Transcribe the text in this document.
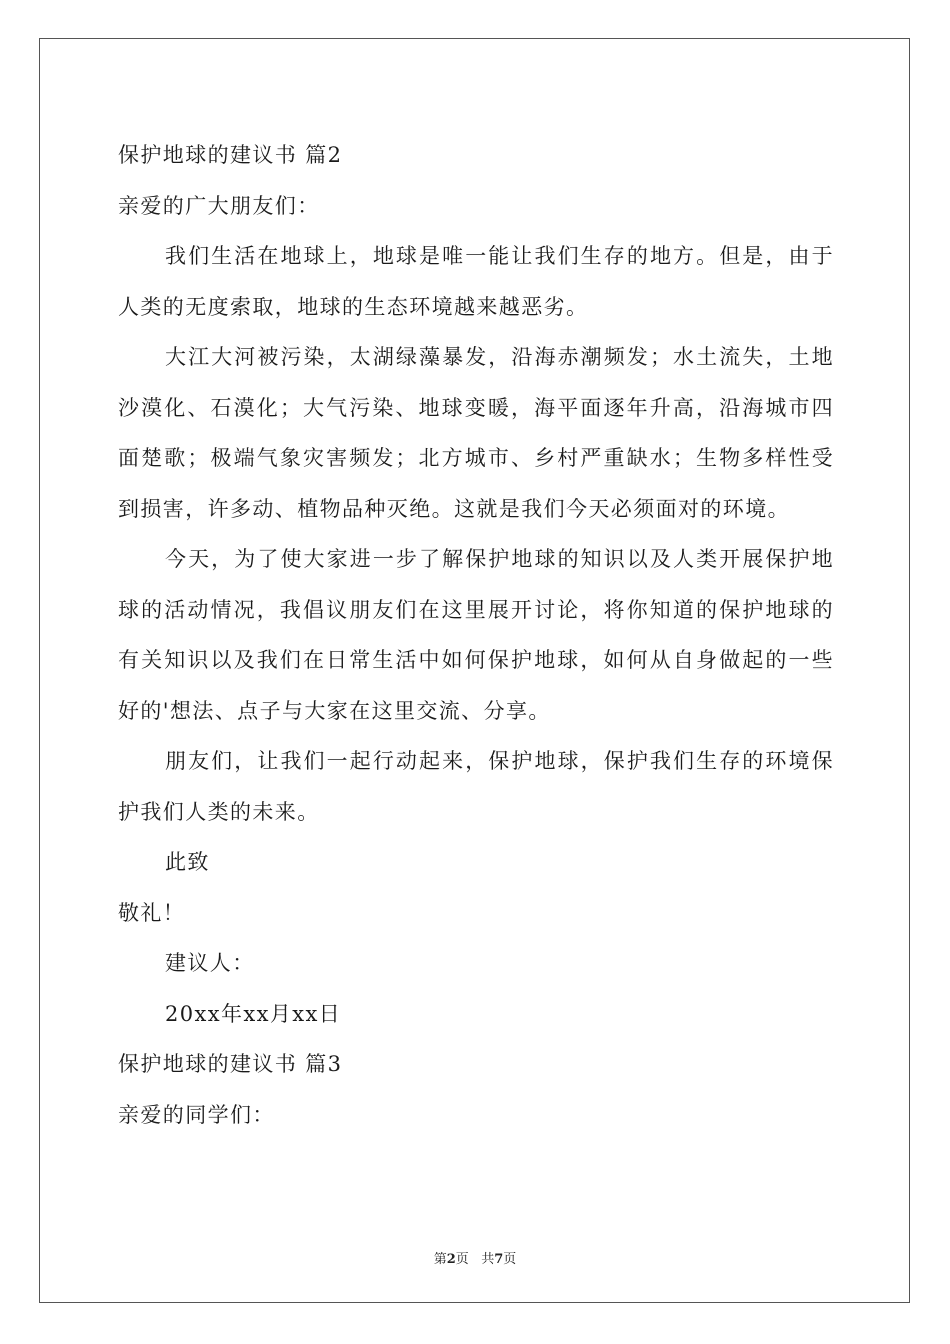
保护地球的建议书 篇2

亲爱的广大朋友们：

我们生活在地球上，地球是唯一能让我们生存的地方。但是，由于人类的无度索取，地球的生态环境越来越恶劣。

大江大河被污染，太湖绿藻暴发，沿海赤潮频发；水土流失，土地沙漠化、石漠化；大气污染、地球变暖，海平面逐年升高，沿海城市四面楚歌；极端气象灾害频发；北方城市、乡村严重缺水；生物多样性受到损害，许多动、植物品种灭绝。这就是我们今天必须面对的环境。

今天，为了使大家进一步了解保护地球的知识以及人类开展保护地球的活动情况，我倡议朋友们在这里展开讨论，将你知道的保护地球的有关知识以及我们在日常生活中如何保护地球，如何从自身做起的一些好的'想法、点子与大家在这里交流、分享。

朋友们，让我们一起行动起来，保护地球，保护我们生存的环境保护我们人类的未来。

此致

敬礼！

建议人：

20xx年xx月xx日

保护地球的建议书 篇3

亲爱的同学们：

第2页 共7页
